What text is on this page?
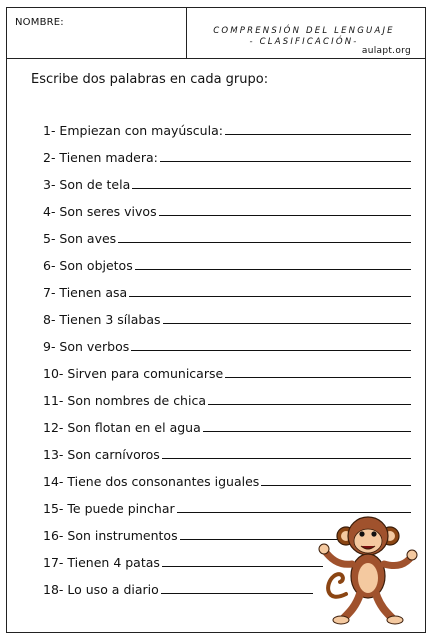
NOMBRE:
COMPRENSIÓN DEL LENGUAJE
- CLASIFICACIÓN-
aulapt.org
Escribe dos palabras en cada grupo:
1- Empiezan con mayúscula:
2- Tienen madera:
3- Son de tela
4- Son seres vivos
5- Son aves
6- Son objetos
7- Tienen asa
8- Tienen 3 sílabas
9- Son verbos
10- Sirven para comunicarse
11- Son nombres de chica
12- Son flotan en el agua
13- Son carnívoros
14- Tiene dos consonantes iguales
15- Te puede pinchar
16- Son instrumentos
17- Tienen 4 patas
18- Lo uso a diario
